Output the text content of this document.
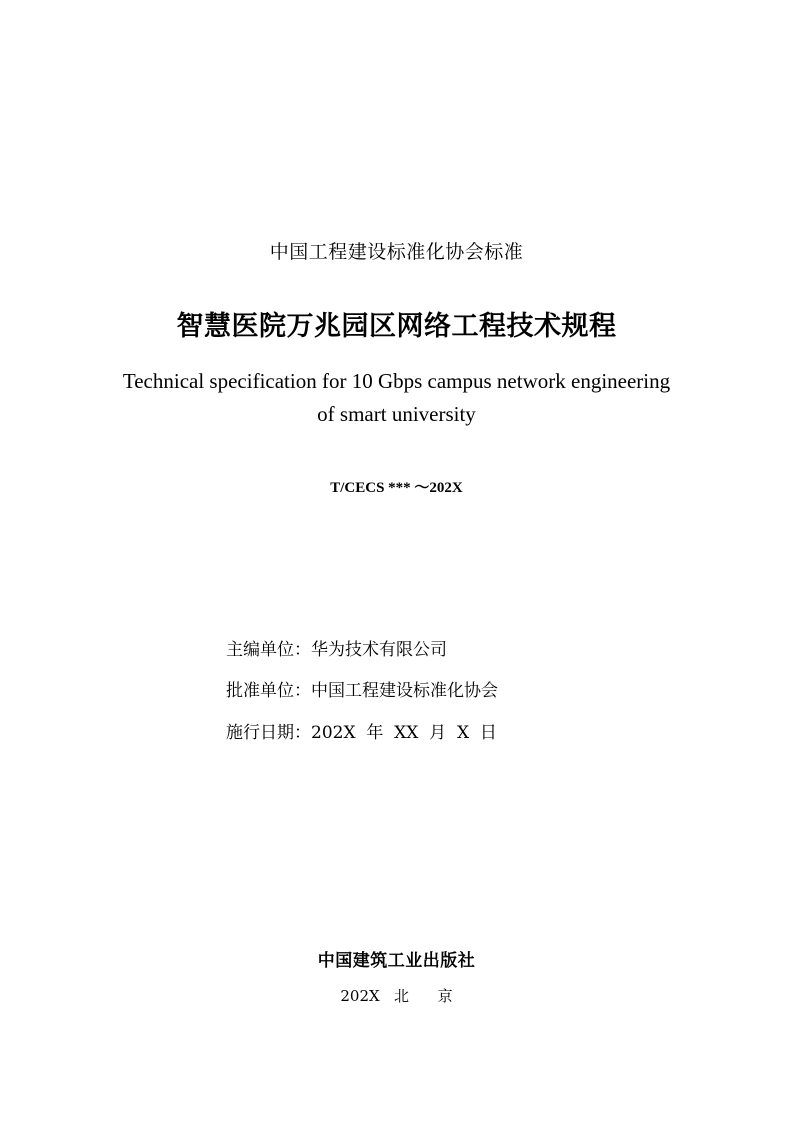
中国工程建设标准化协会标准
智慧医院万兆园区网络工程技术规程
Technical specification for 10 Gbps campus network engineering
of smart university
T/CECS *** ～202X
主编单位：华为技术有限公司
批准单位：中国工程建设标准化协会
施行日期：202X  年  XX  月  X  日
中国建筑工业出版社
202X   北      京
